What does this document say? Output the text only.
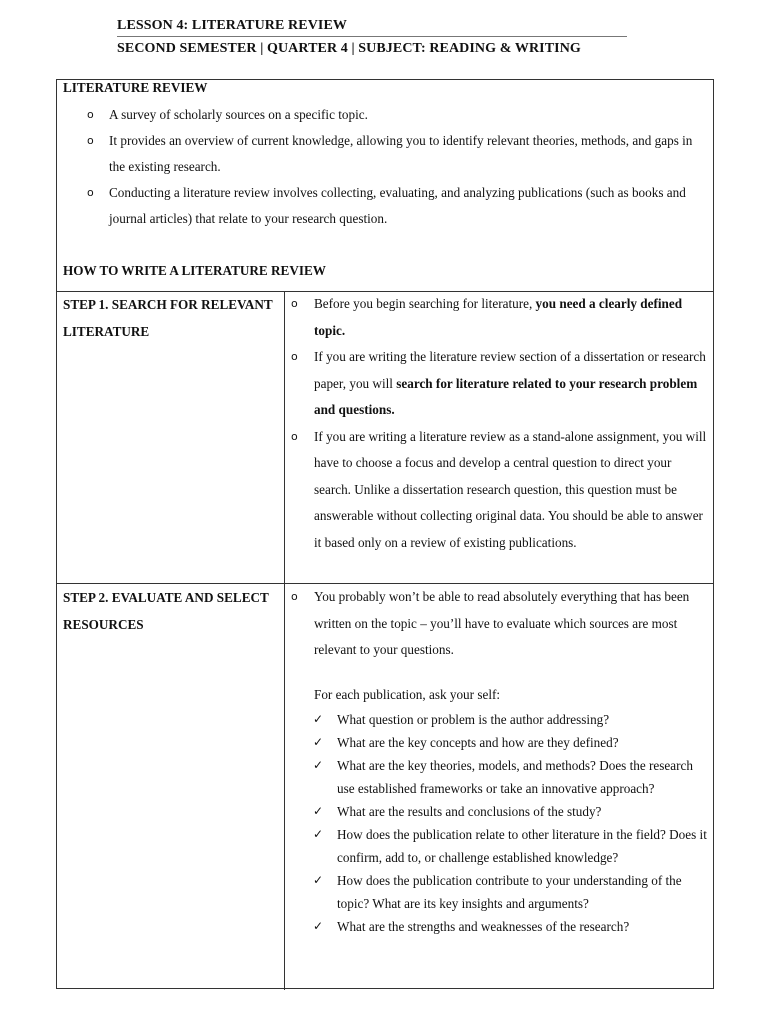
LESSON 4: LITERATURE REVIEW
SECOND SEMESTER | QUARTER 4 | SUBJECT: READING & WRITING
LITERATURE REVIEW
o A survey of scholarly sources on a specific topic.
o It provides an overview of current knowledge, allowing you to identify relevant theories, methods, and gaps in the existing research.
o Conducting a literature review involves collecting, evaluating, and analyzing publications (such as books and journal articles) that relate to your research question.
HOW TO WRITE A LITERATURE REVIEW
STEP 1. SEARCH FOR RELEVANT LITERATURE
o Before you begin searching for literature, you need a clearly defined topic.
o If you are writing the literature review section of a dissertation or research paper, you will search for literature related to your research problem and questions.
o If you are writing a literature review as a stand-alone assignment, you will have to choose a focus and develop a central question to direct your search. Unlike a dissertation research question, this question must be answerable without collecting original data. You should be able to answer it based only on a review of existing publications.
STEP 2. EVALUATE AND SELECT RESOURCES
o You probably won’t be able to read absolutely everything that has been written on the topic – you’ll have to evaluate which sources are most relevant to your questions.
For each publication, ask your self:
✓ What question or problem is the author addressing?
✓ What are the key concepts and how are they defined?
✓ What are the key theories, models, and methods? Does the research use established frameworks or take an innovative approach?
✓ What are the results and conclusions of the study?
✓ How does the publication relate to other literature in the field? Does it confirm, add to, or challenge established knowledge?
✓ How does the publication contribute to your understanding of the topic? What are its key insights and arguments?
✓ What are the strengths and weaknesses of the research?
